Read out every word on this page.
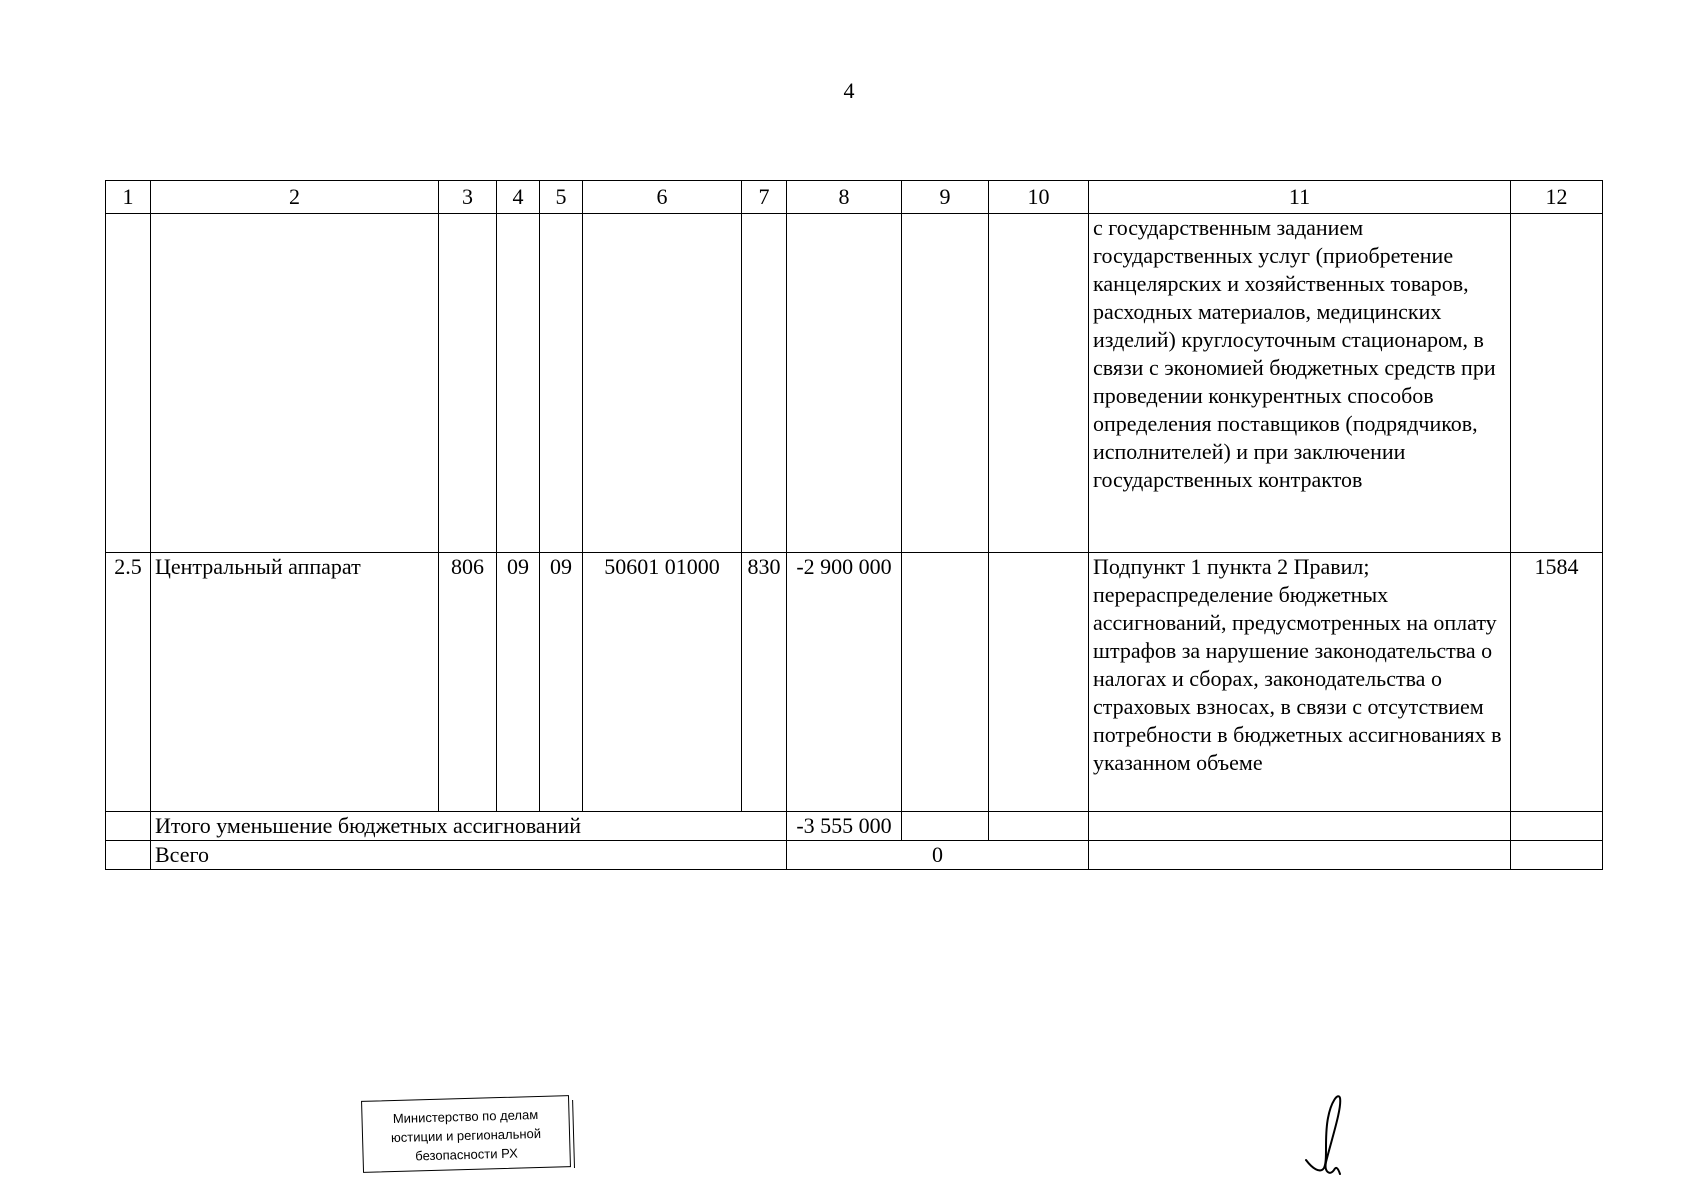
4
1	2	3	4	5	6	7	8	9	10	11	12
										с государственным заданием государственных услуг (приобретение канцелярских и хозяйственных товаров, расходных материалов, медицинских изделий) круглосуточным стационаром, в связи с экономией бюджетных средств при проведении конкурентных способов определения поставщиков (подрядчиков, исполнителей) и при заключении государственных контрактов	
2.5	Центральный аппарат	806	09	09	50601 01000	830	-2 900 000			Подпункт 1 пункта 2 Правил; перераспределение бюджетных ассигнований, предусмотренных на оплату штрафов за нарушение законодательства о налогах и сборах, законодательства о страховых взносах, в связи с отсутствием потребности в бюджетных ассигнованиях в указанном объеме	1584
	Итого уменьшение бюджетных ассигнований						-3 555 000				
	Всего						0				
Министерство по делам
юстиции и региональной
безопасности РХ
